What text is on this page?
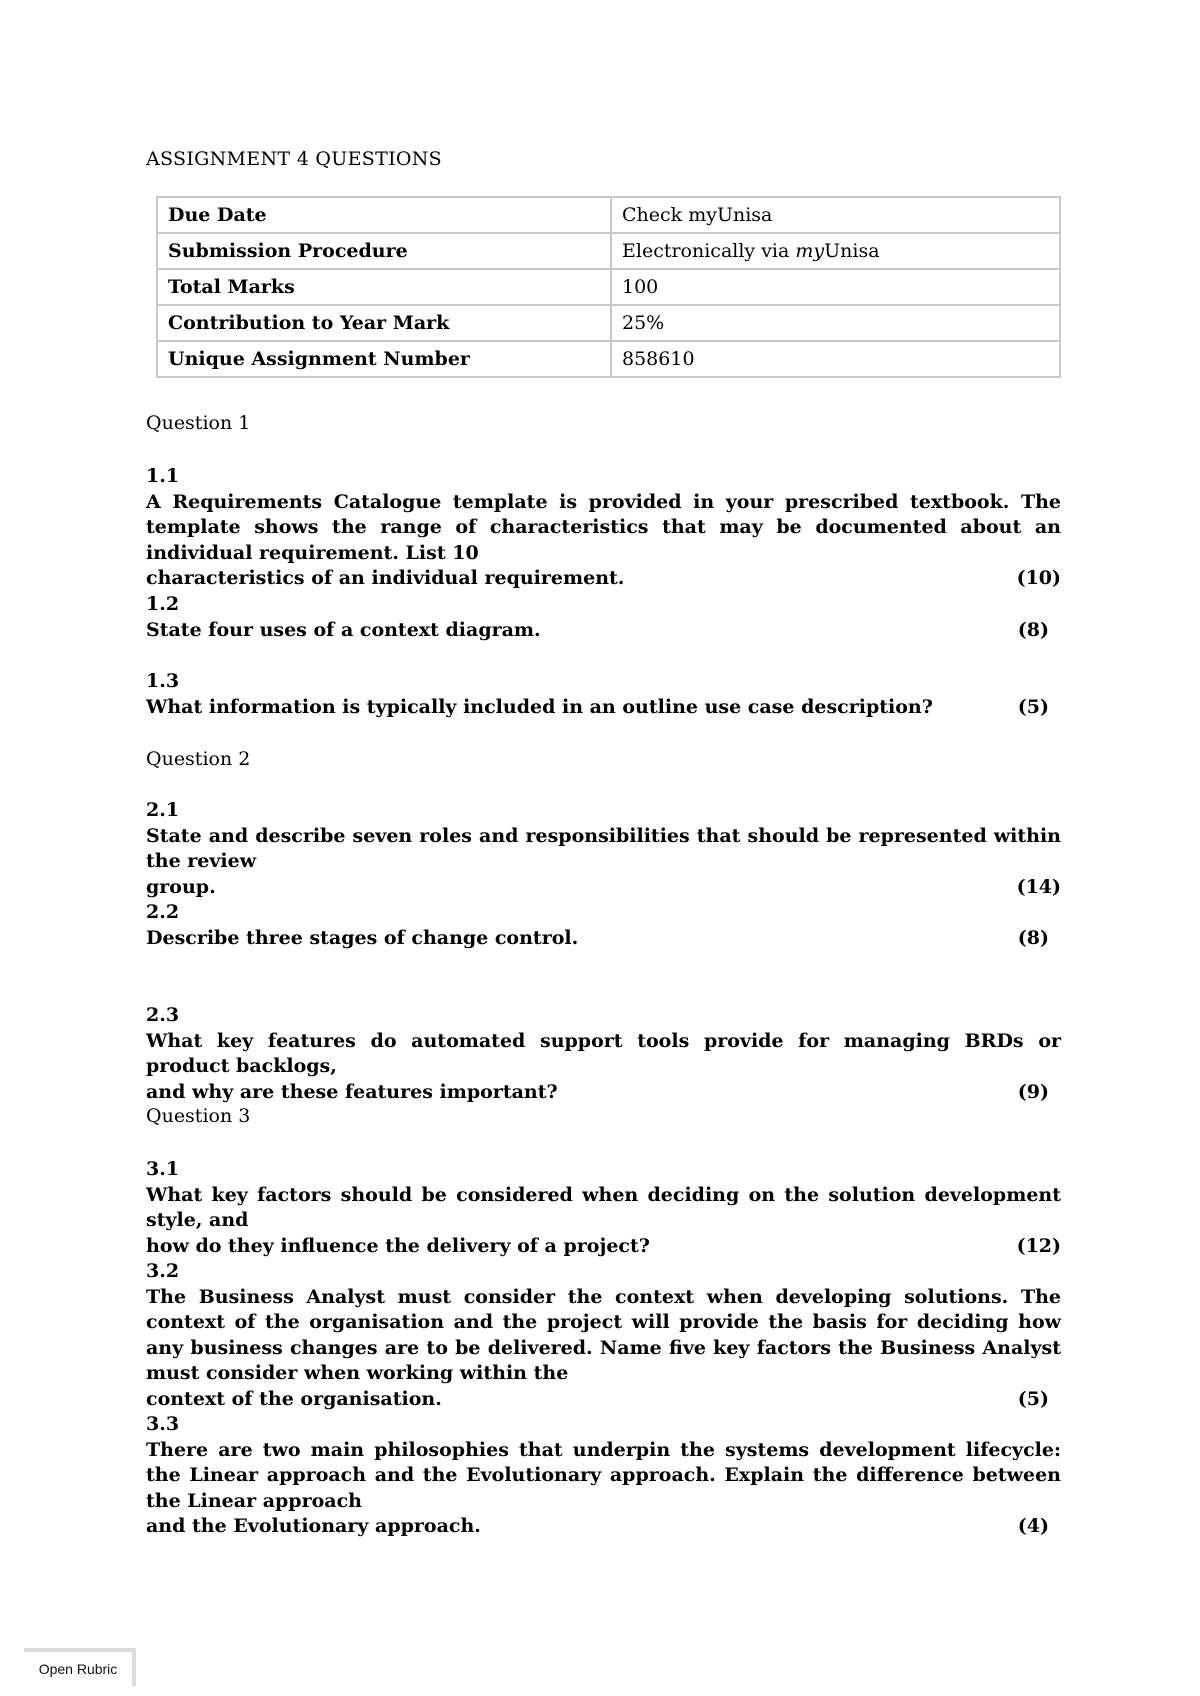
ASSIGNMENT 4 QUESTIONS
Due Date	Check myUnisa
Submission Procedure	Electronically via myUnisa
Total Marks	100
Contribution to Year Mark	25%
Unique Assignment Number	858610
Question 1
1.1
A Requirements Catalogue template is provided in your prescribed textbook. The template shows the range of characteristics that may be documented about an individual requirement. List 10
characteristics of an individual requirement.	(10)
1.2
State four uses of a context diagram.	(8)
1.3
What information is typically included in an outline use case description?	(5)
Question 2
2.1
State and describe seven roles and responsibilities that should be represented within the review
group.	(14)
2.2
Describe three stages of change control.	(8)
2.3
What key features do automated support tools provide for managing BRDs or product backlogs,
and why are these features important?	(9)
Question 3
3.1
What key factors should be considered when deciding on the solution development style, and
how do they influence the delivery of a project?	(12)
3.2
The Business Analyst must consider the context when developing solutions. The context of the organisation and the project will provide the basis for deciding how any business changes are to be delivered. Name five key factors the Business Analyst must consider when working within the
context of the organisation.	(5)
3.3
There are two main philosophies that underpin the systems development lifecycle: the Linear approach and the Evolutionary approach. Explain the difference between the Linear approach
and the Evolutionary approach.	(4)
Open Rubric
